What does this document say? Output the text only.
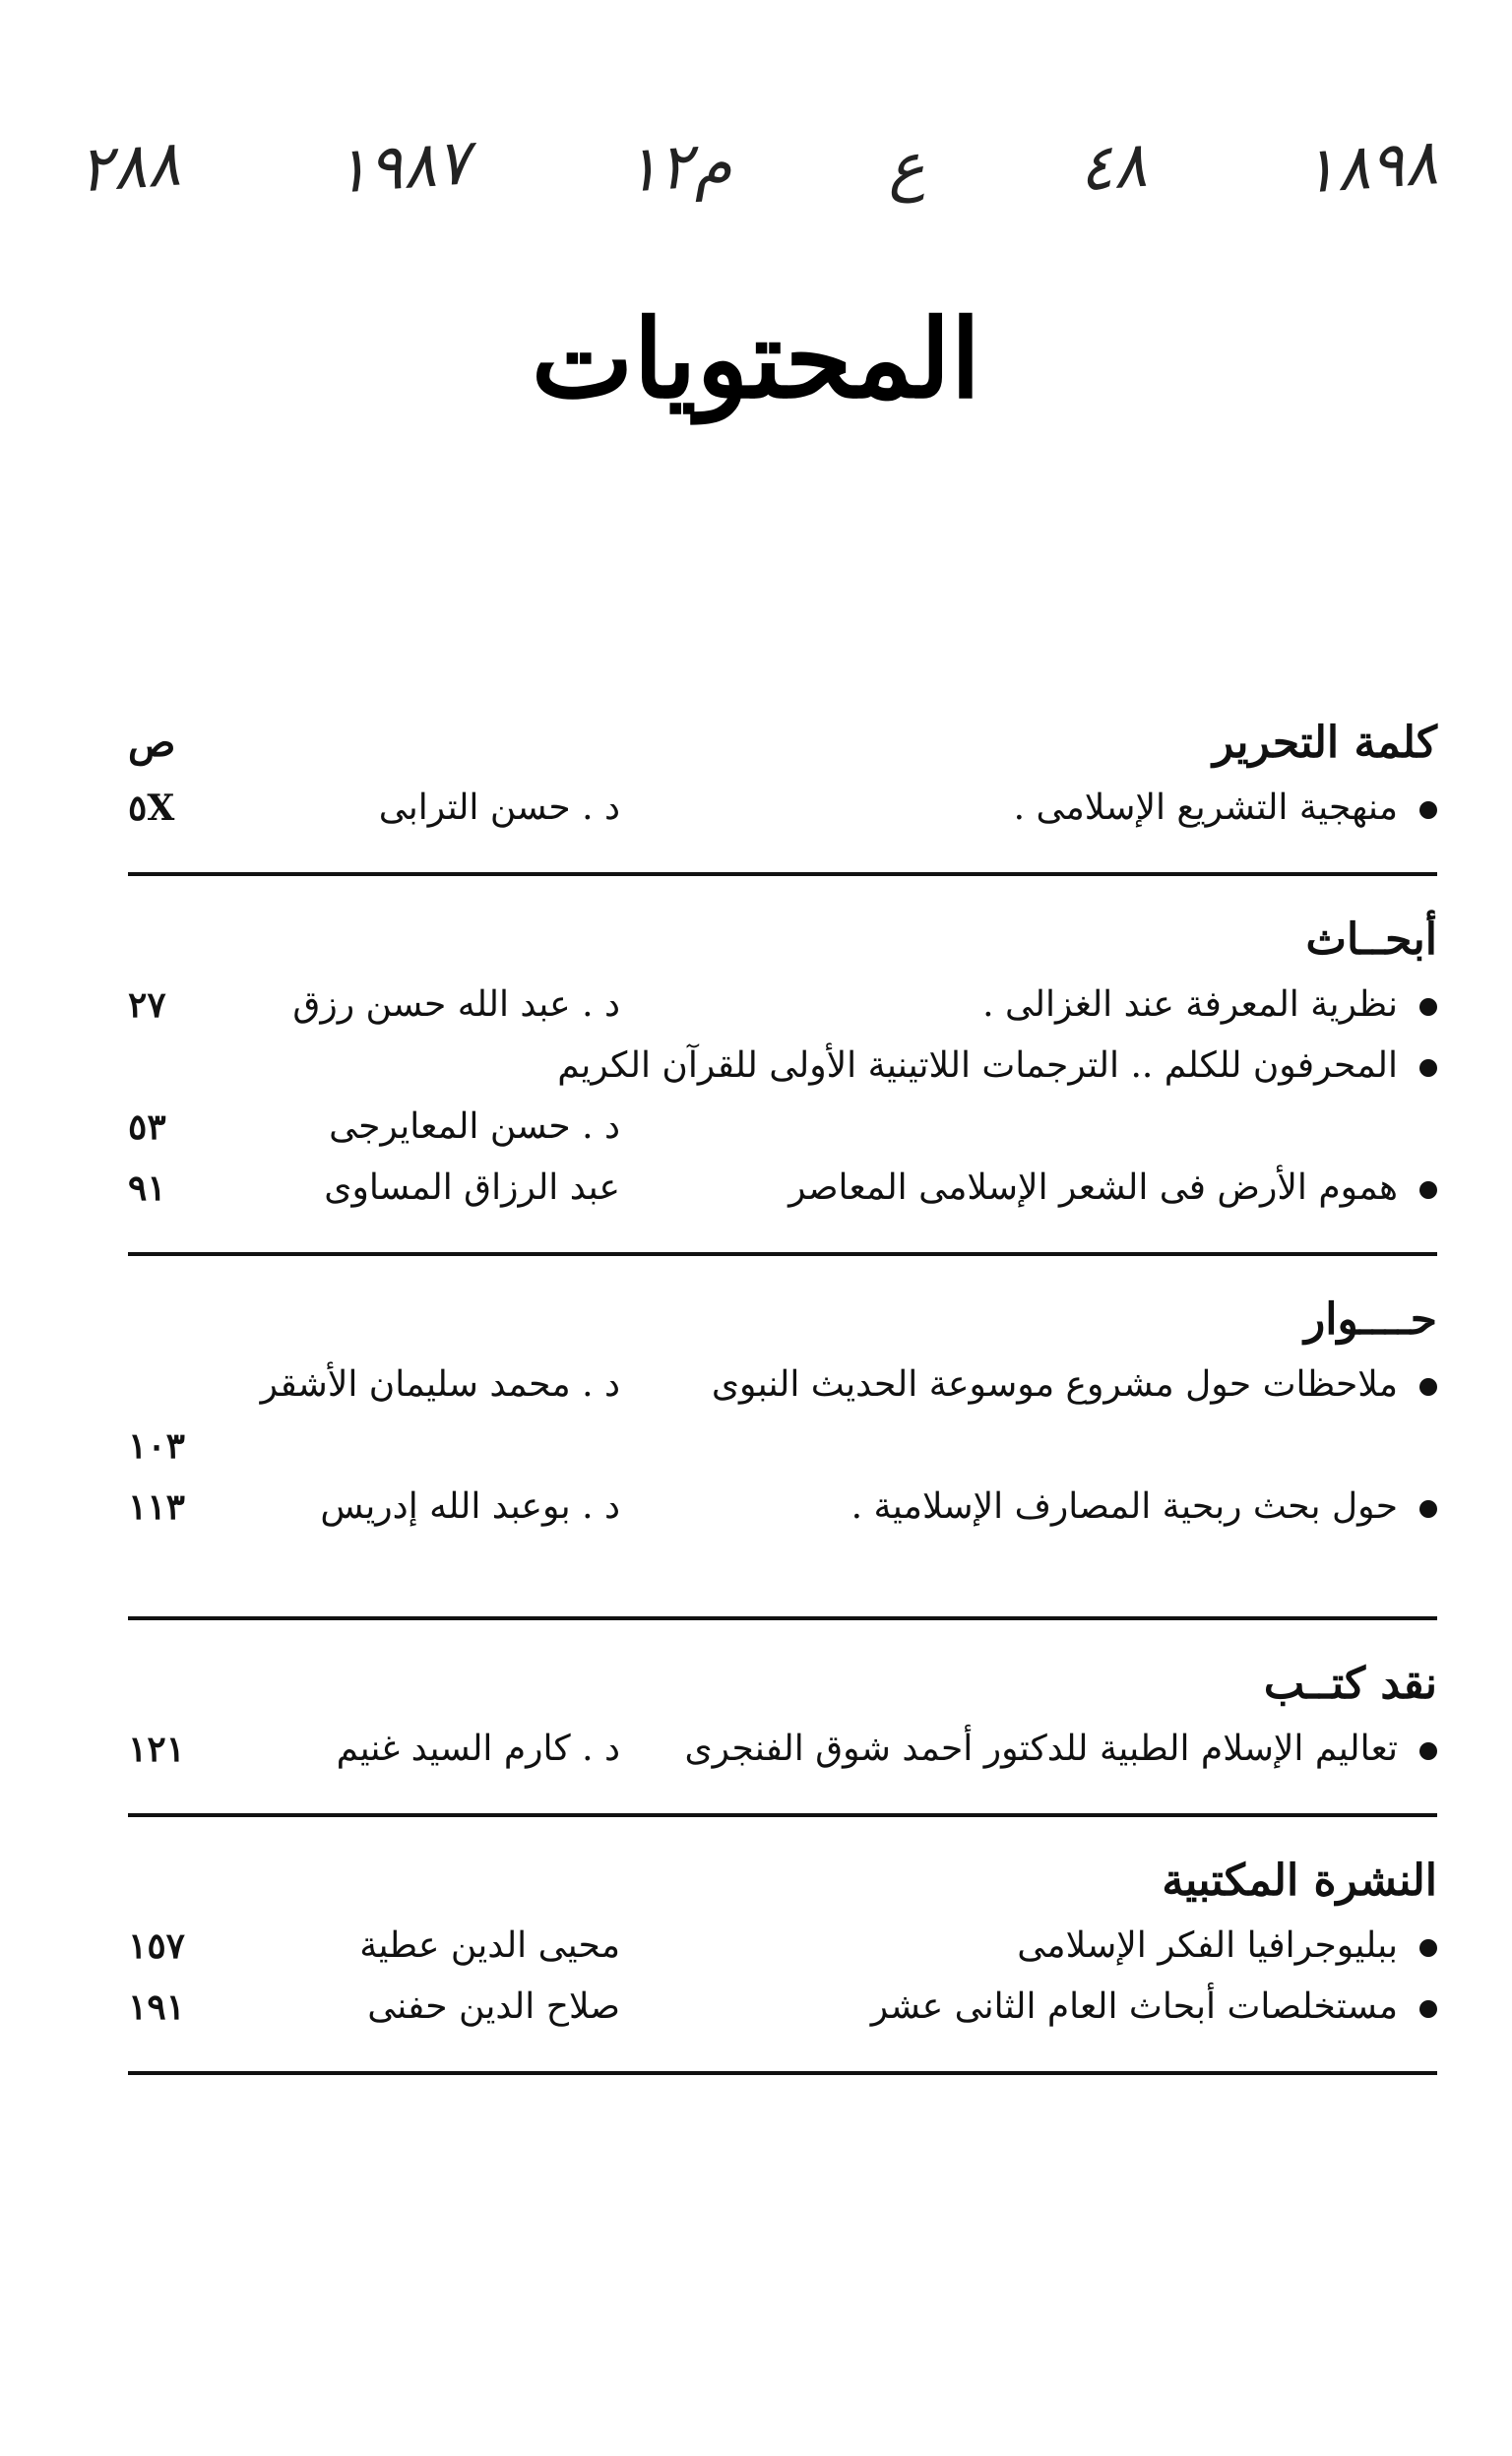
٢٨٨ ١٩٨٧ م١٢ ع ٤٨ ١٨٩٨
المحتويات
كلمة التحرير
ص
منهجية التشريع الإسلامى .
د . حسن الترابى
٥X
أبحــاث
نظرية المعرفة عند الغزالى .
د . عبد الله حسن رزق
٢٧
المحرفون للكلم .. الترجمات اللاتينية الأولى للقرآن الكريم
د . حسن المعايرجى
٥٣
هموم الأرض فى الشعر الإسلامى المعاصر
عبد الرزاق المساوى
٩١
حــــوار
ملاحظات حول مشروع موسوعة الحديث النبوى
د . محمد سليمان الأشقر
١٠٣
حول بحث ربحية المصارف الإسلامية .
د . بوعبد الله إدريس
١١٣
نقد كتــب
تعاليم الإسلام الطبية للدكتور أحمد شوق الفنجرى
د . كارم السيد غنيم
١٢١
النشرة المكتبية
ببليوجرافيا الفكر الإسلامى
محيى الدين عطية
١٥٧
مستخلصات أبحاث العام الثانى عشر
صلاح الدين حفنى
١٩١
